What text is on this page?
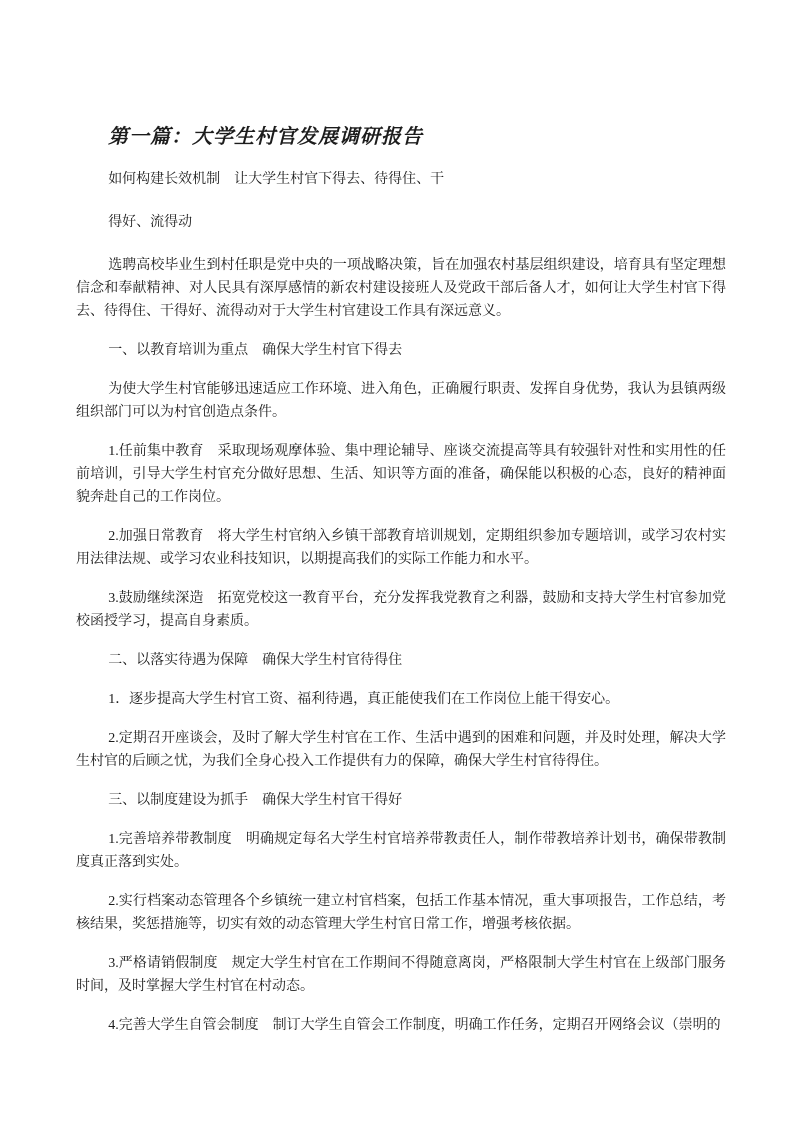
第一篇：大学生村官发展调研报告

如何构建长效机制　让大学生村官下得去、待得住、干

得好、流得动

选聘高校毕业生到村任职是党中央的一项战略决策，旨在加强农村基层组织建设，培育具有坚定理想信念和奉献精神、对人民具有深厚感情的新农村建设接班人及党政干部后备人才，如何让大学生村官下得去、待得住、干得好、流得动对于大学生村官建设工作具有深远意义。

一、以教育培训为重点　确保大学生村官下得去

为使大学生村官能够迅速适应工作环境、进入角色，正确履行职责、发挥自身优势，我认为县镇两级组织部门可以为村官创造点条件。

1.任前集中教育　采取现场观摩体验、集中理论辅导、座谈交流提高等具有较强针对性和实用性的任前培训，引导大学生村官充分做好思想、生活、知识等方面的准备，确保能以积极的心态，良好的精神面貌奔赴自己的工作岗位。

2.加强日常教育　将大学生村官纳入乡镇干部教育培训规划，定期组织参加专题培训，或学习农村实用法律法规、或学习农业科技知识，以期提高我们的实际工作能力和水平。

3.鼓励继续深造　拓宽党校这一教育平台，充分发挥我党教育之利器，鼓励和支持大学生村官参加党校函授学习，提高自身素质。

二、以落实待遇为保障　确保大学生村官待得住

1．逐步提高大学生村官工资、福利待遇，真正能使我们在工作岗位上能干得安心。

2.定期召开座谈会，及时了解大学生村官在工作、生活中遇到的困难和问题，并及时处理，解决大学生村官的后顾之忧，为我们全身心投入工作提供有力的保障，确保大学生村官待得住。

三、以制度建设为抓手　确保大学生村官干得好

1.完善培养带教制度　明确规定每名大学生村官培养带教责任人，制作带教培养计划书，确保带教制度真正落到实处。

2.实行档案动态管理各个乡镇统一建立村官档案，包括工作基本情况，重大事项报告，工作总结，考核结果，奖惩措施等，切实有效的动态管理大学生村官日常工作，增强考核依据。

3.严格请销假制度　规定大学生村官在工作期间不得随意离岗，严格限制大学生村官在上级部门服务时间，及时掌握大学生村官在村动态。

4.完善大学生自管会制度　制订大学生自管会工作制度，明确工作任务，定期召开网络会议（崇明的
